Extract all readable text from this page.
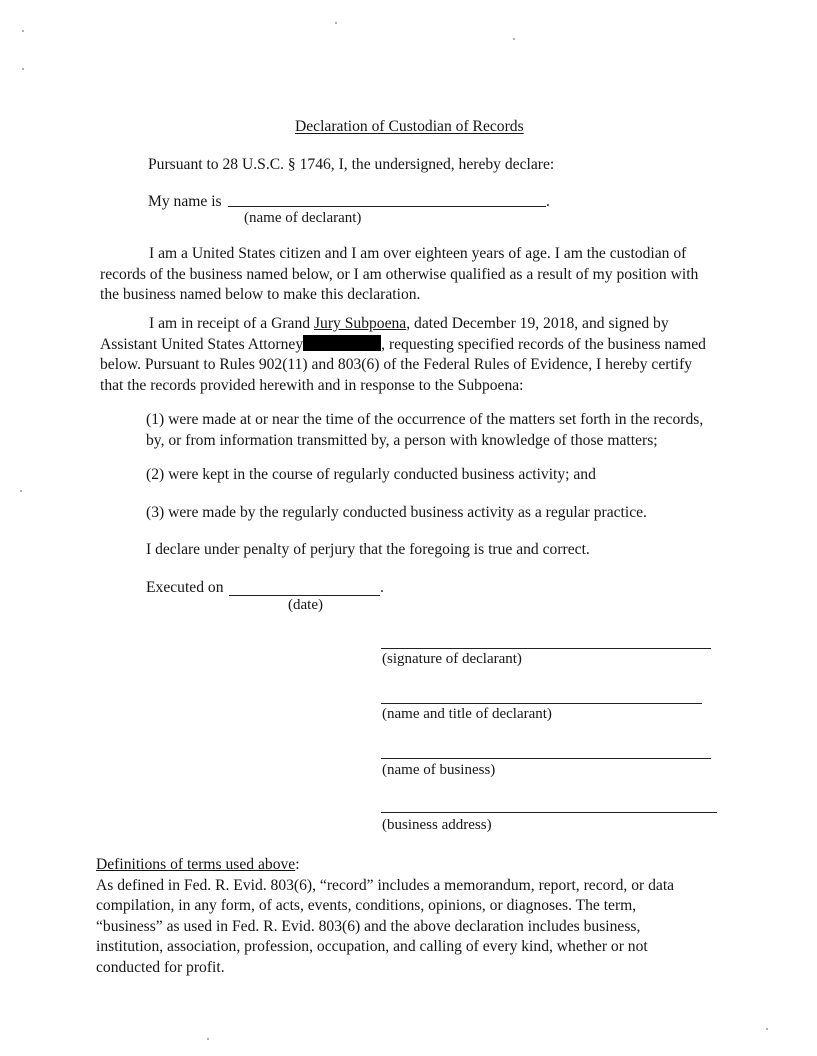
Declaration of Custodian of Records
Pursuant to 28 U.S.C. § 1746, I, the undersigned, hereby declare:
My name is	.
(name of declarant)
I am a United States citizen and I am over eighteen years of age. I am the custodian of
records of the business named below, or I am otherwise qualified as a result of my position with
the business named below to make this declaration.
I am in receipt of a Grand Jury Subpoena, dated December 19, 2018, and signed by
Assistant United States Attorney	, requesting specified records of the business named
below. Pursuant to Rules 902(11) and 803(6) of the Federal Rules of Evidence, I hereby certify
that the records provided herewith and in response to the Subpoena:
(1) were made at or near the time of the occurrence of the matters set forth in the records,
by, or from information transmitted by, a person with knowledge of those matters;
(2) were kept in the course of regularly conducted business activity; and
(3) were made by the regularly conducted business activity as a regular practice.
I declare under penalty of perjury that the foregoing is true and correct.
Executed on	.
(date)
(signature of declarant)
(name and title of declarant)
(name of business)
(business address)
Definitions of terms used above:
As defined in Fed. R. Evid. 803(6), “record” includes a memorandum, report, record, or data
compilation, in any form, of acts, events, conditions, opinions, or diagnoses. The term,
“business” as used in Fed. R. Evid. 803(6) and the above declaration includes business,
institution, association, profession, occupation, and calling of every kind, whether or not
conducted for profit.
